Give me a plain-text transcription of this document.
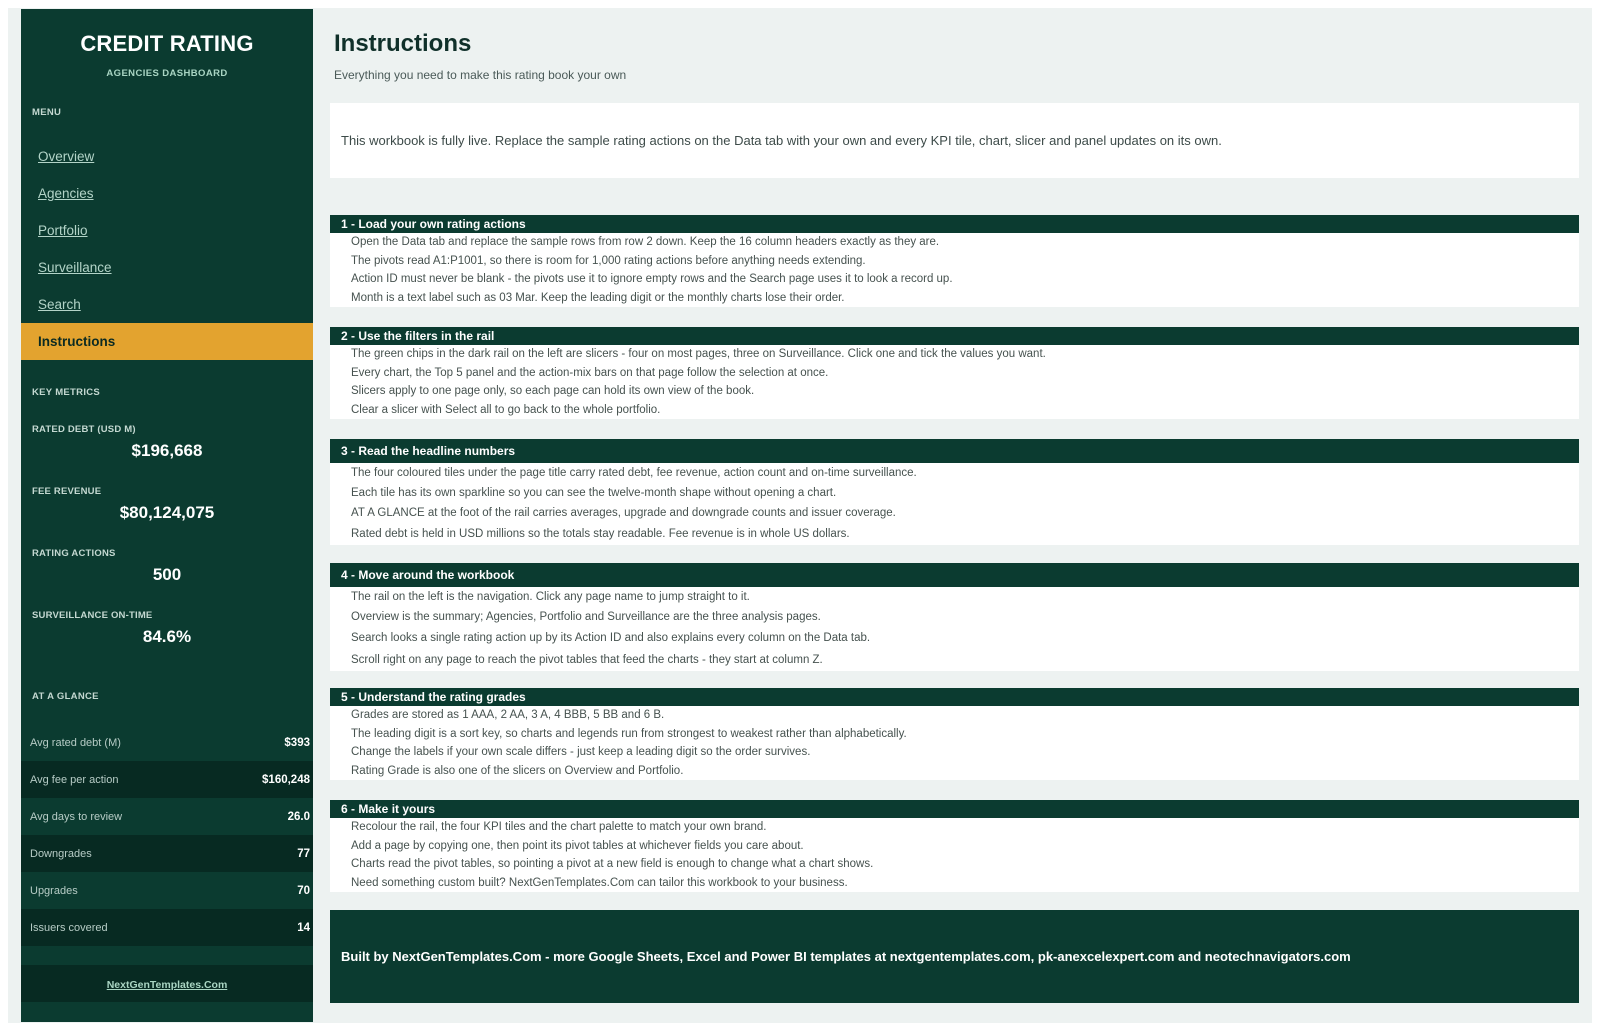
CREDIT RATING
AGENCIES DASHBOARD
MENU
Overview
Agencies
Portfolio
Surveillance
Search
Instructions
KEY METRICS
RATED DEBT (USD M)
$196,668
FEE REVENUE
$80,124,075
RATING ACTIONS
500
SURVEILLANCE ON-TIME
84.6%
AT A GLANCE
Avg rated debt (M)	$393
Avg fee per action	$160,248
Avg days to review	26.0
Downgrades	77
Upgrades	70
Issuers covered	14
NextGenTemplates.Com
Instructions
Everything you need to make this rating book your own
This workbook is fully live. Replace the sample rating actions on the Data tab with your own and every KPI tile, chart, slicer and panel updates on its own.
1 - Load your own rating actions
Open the Data tab and replace the sample rows from row 2 down. Keep the 16 column headers exactly as they are.
The pivots read A1:P1001, so there is room for 1,000 rating actions before anything needs extending.
Action ID must never be blank - the pivots use it to ignore empty rows and the Search page uses it to look a record up.
Month is a text label such as 03 Mar. Keep the leading digit or the monthly charts lose their order.
2 - Use the filters in the rail
The green chips in the dark rail on the left are slicers - four on most pages, three on Surveillance. Click one and tick the values you want.
Every chart, the Top 5 panel and the action-mix bars on that page follow the selection at once.
Slicers apply to one page only, so each page can hold its own view of the book.
Clear a slicer with Select all to go back to the whole portfolio.
3 - Read the headline numbers
The four coloured tiles under the page title carry rated debt, fee revenue, action count and on-time surveillance.
Each tile has its own sparkline so you can see the twelve-month shape without opening a chart.
AT A GLANCE at the foot of the rail carries averages, upgrade and downgrade counts and issuer coverage.
Rated debt is held in USD millions so the totals stay readable. Fee revenue is in whole US dollars.
4 - Move around the workbook
The rail on the left is the navigation. Click any page name to jump straight to it.
Overview is the summary; Agencies, Portfolio and Surveillance are the three analysis pages.
Search looks a single rating action up by its Action ID and also explains every column on the Data tab.
Scroll right on any page to reach the pivot tables that feed the charts - they start at column Z.
5 - Understand the rating grades
Grades are stored as 1 AAA, 2 AA, 3 A, 4 BBB, 5 BB and 6 B.
The leading digit is a sort key, so charts and legends run from strongest to weakest rather than alphabetically.
Change the labels if your own scale differs - just keep a leading digit so the order survives.
Rating Grade is also one of the slicers on Overview and Portfolio.
6 - Make it yours
Recolour the rail, the four KPI tiles and the chart palette to match your own brand.
Add a page by copying one, then point its pivot tables at whichever fields you care about.
Charts read the pivot tables, so pointing a pivot at a new field is enough to change what a chart shows.
Need something custom built? NextGenTemplates.Com can tailor this workbook to your business.
Built by NextGenTemplates.Com - more Google Sheets, Excel and Power BI templates at nextgentemplates.com, pk-anexcelexpert.com and neotechnavigators.com
